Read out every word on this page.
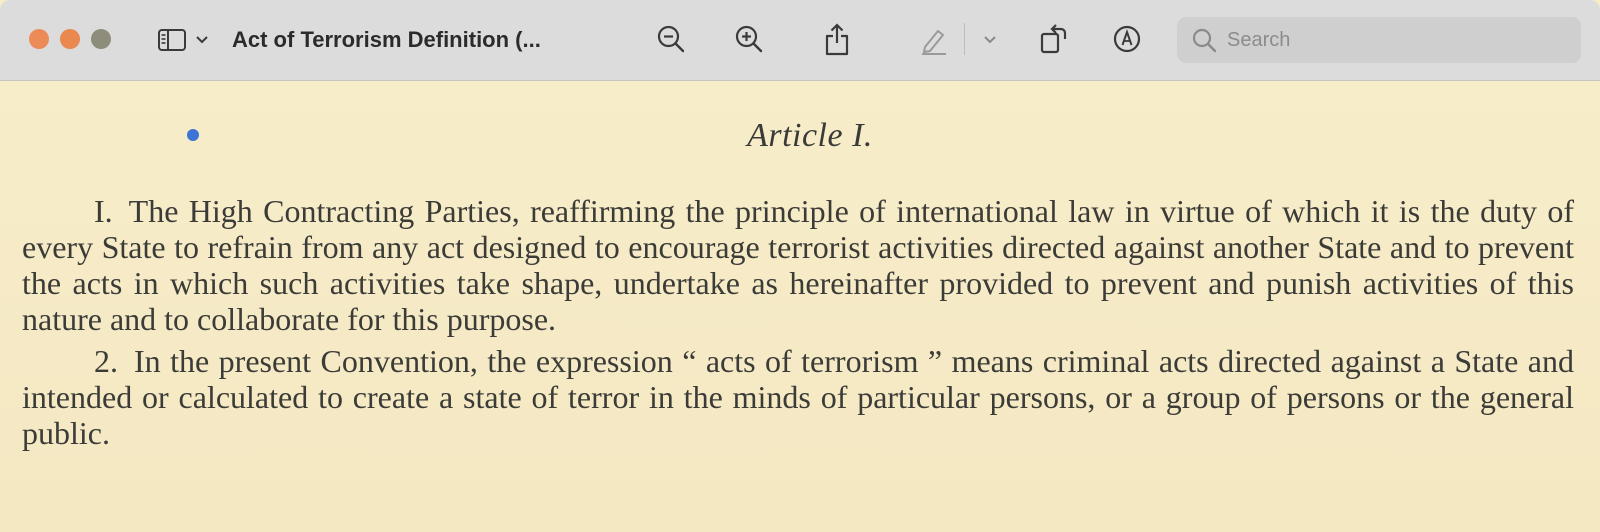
Act of Terrorism Definition (...
Search
Article I.

I. The High Contracting Parties, reaffirming the principle of international law in virtue of which it is the duty of every State to refrain from any act designed to encourage terrorist activities directed against another State and to prevent the acts in which such activities take shape, undertake as hereinafter provided to prevent and punish activities of this nature and to collaborate for this purpose.

2. In the present Convention, the expression “ acts of terrorism ” means criminal acts directed against a State and intended or calculated to create a state of terror in the minds of particular persons, or a group of persons or the general public.
